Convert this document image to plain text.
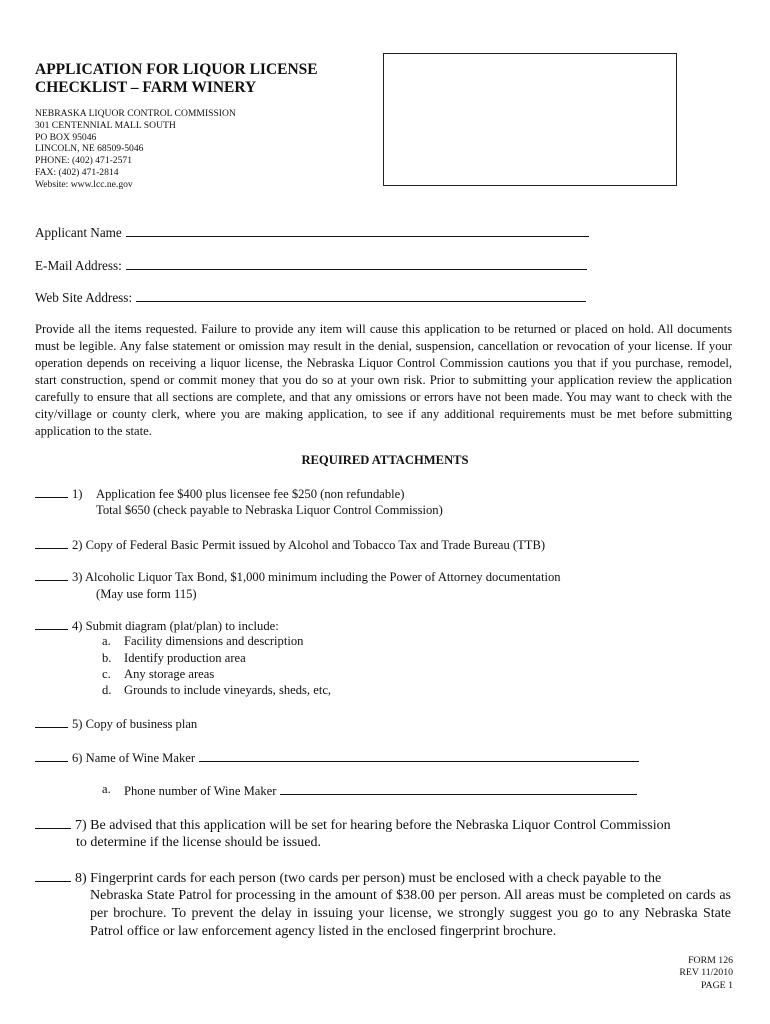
APPLICATION FOR LIQUOR LICENSE
CHECKLIST – FARM WINERY
NEBRASKA LIQUOR CONTROL COMMISSION
301 CENTENNIAL MALL SOUTH
PO BOX 95046
LINCOLN, NE 68509-5046
PHONE: (402) 471-2571
FAX: (402) 471-2814
Website: www.lcc.ne.gov
Applicant Name
E-Mail Address:
Web Site Address:
Provide all the items requested. Failure to provide any item will cause this application to be returned or placed on hold. All documents must be legible. Any false statement or omission may result in the denial, suspension, cancellation or revocation of your license. If your operation depends on receiving a liquor license, the Nebraska Liquor Control Commission cautions you that if you purchase, remodel, start construction, spend or commit money that you do so at your own risk. Prior to submitting your application review the application carefully to ensure that all sections are complete, and that any omissions or errors have not been made. You may want to check with the city/village or county clerk, where you are making application, to see if any additional requirements must be met before submitting application to the state.
REQUIRED ATTACHMENTS
1) Application fee $400 plus licensee fee $250 (non refundable)
Total $650 (check payable to Nebraska Liquor Control Commission)
2) Copy of Federal Basic Permit issued by Alcohol and Tobacco Tax and Trade Bureau (TTB)
3) Alcoholic Liquor Tax Bond, $1,000 minimum including the Power of Attorney documentation
(May use form 115)
4) Submit diagram (plat/plan) to include:
a. Facility dimensions and description
b. Identify production area
c. Any storage areas
d. Grounds to include vineyards, sheds, etc,
5) Copy of business plan
6) Name of Wine Maker
a. Phone number of Wine Maker
7) Be advised that this application will be set for hearing before the Nebraska Liquor Control Commission
to determine if the license should be issued.
8) Fingerprint cards for each person (two cards per person) must be enclosed with a check payable to the
Nebraska State Patrol for processing in the amount of $38.00 per person. All areas must be completed on cards as per brochure. To prevent the delay in issuing your license, we strongly suggest you go to any Nebraska State Patrol office or law enforcement agency listed in the enclosed fingerprint brochure.
FORM 126
REV 11/2010
PAGE 1
